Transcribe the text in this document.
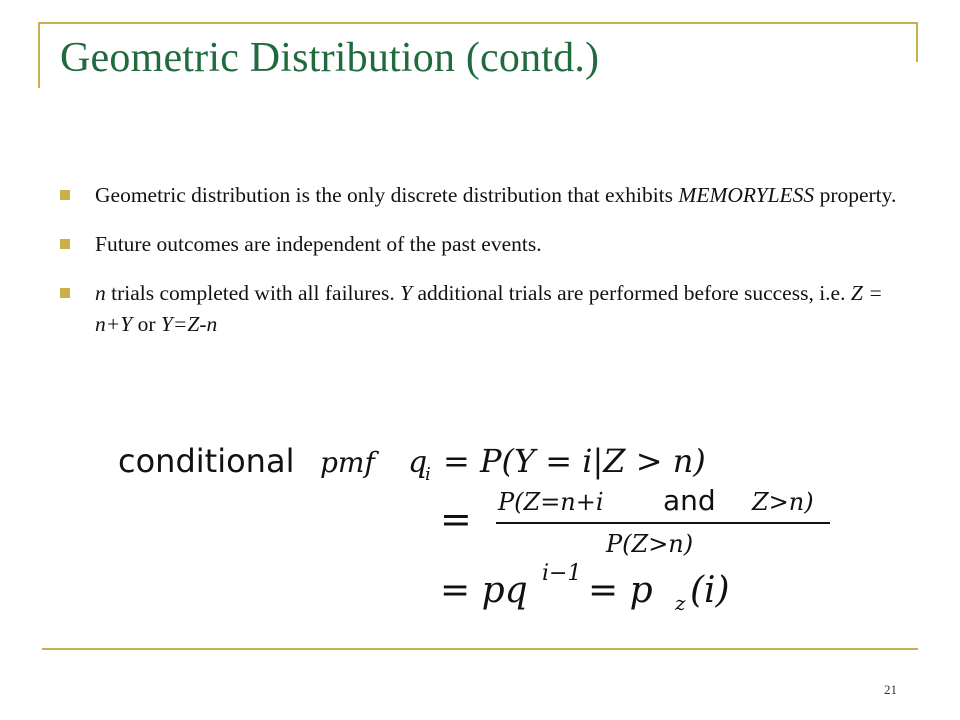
Geometric Distribution (contd.)
Geometric distribution is the only discrete distribution that exhibits MEMORYLESS property.
Future outcomes are independent of the past events.
n trials completed with all failures. Y additional trials are performed before success, i.e. Z = n+Y or Y=Z-n
conditional pmf q
i = P(Y = i|Z > n)
= P(Z=n+i and Z>n)
P(Z>n)
= pq i−1 = p z (i)
21
